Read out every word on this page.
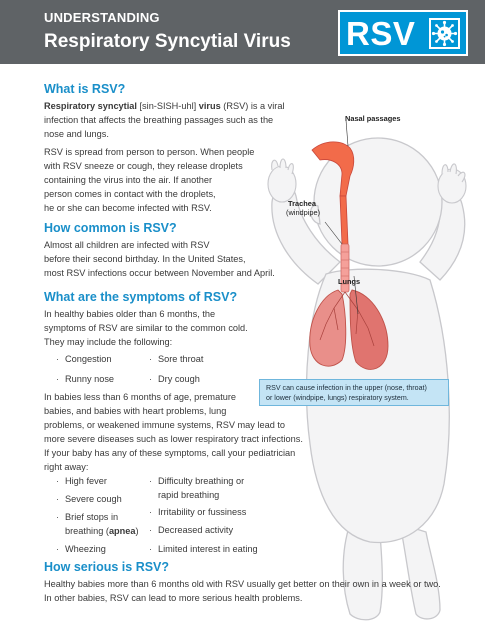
UNDERSTANDING
Respiratory Syncytial Virus RSV
Nasal passages
Trachea
(windpipe)
Lungs
RSV can cause infection in the upper (nose, throat)
or lower (windpipe, lungs) respiratory system.
What is RSV?
Respiratory syncytial [sin-SISH-uhl] virus (RSV) is a viral
infection that affects the breathing passages such as the
nose and lungs.
RSV is spread from person to person. When people
with RSV sneeze or cough, they release droplets
containing the virus into the air. If another
person comes in contact with the droplets,
he or she can become infected with RSV.
How common is RSV?
Almost all children are infected with RSV
before their second birthday. In the United States,
most RSV infections occur between November and April.
What are the symptoms of RSV?
In healthy babies older than 6 months, the
symptoms of RSV are similar to the common cold.
They may include the following:
· Congestion
· Runny nose
· Sore throat
· Dry cough
In babies less than 6 months of age, premature
babies, and babies with heart problems, lung
problems, or weakened immune systems, RSV may lead to
more severe diseases such as lower respiratory tract infections.
If your baby has any of these symptoms, call your pediatrician
right away:
· High fever
· Severe cough
· Brief stops in
breathing (apnea)
· Wheezing
· Difficulty breathing or
rapid breathing
· Irritability or fussiness
· Decreased activity
· Limited interest in eating
How serious is RSV?
Healthy babies more than 6 months old with RSV usually get better on their own in a week or two.
In other babies, RSV can lead to more serious health problems.
